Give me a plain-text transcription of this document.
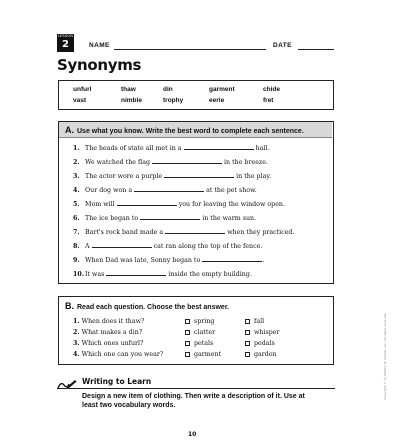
LESSON
2	NAME	DATE
Synonyms
unfurl	thaw	din	garment	chide
vast	nimble	trophy	eerie	fret
A. Use what you know. Write the best word to complete each sentence.
1. The heads of state all met in a	hall.
2. We watched the flag	in the breeze.
3. The actor wore a purple	in the play.
4. Our dog won a	at the pet show.
5. Mom will	you for leaving the window open.
6. The ice began to	in the warm sun.
7. Bart's rock band made a	when they practiced.
8. A	cat ran along the top of the fence.
9. When Dad was late, Sonny began to	.
10.It was	inside the empty building.
B. Read each question. Choose the best answer.
1. When does it thaw?	spring	fall
2. What makes a din?	clatter	whisper
3. Which ones unfurl?	petals	pedals
4. Which one can you wear?	garment	garden
Writing to Learn
Design a new item of clothing. Then write a description of it. Use at
least two vocabulary words.
10
Copyright © by William H. Sadlier, Inc. All rights reserved.
